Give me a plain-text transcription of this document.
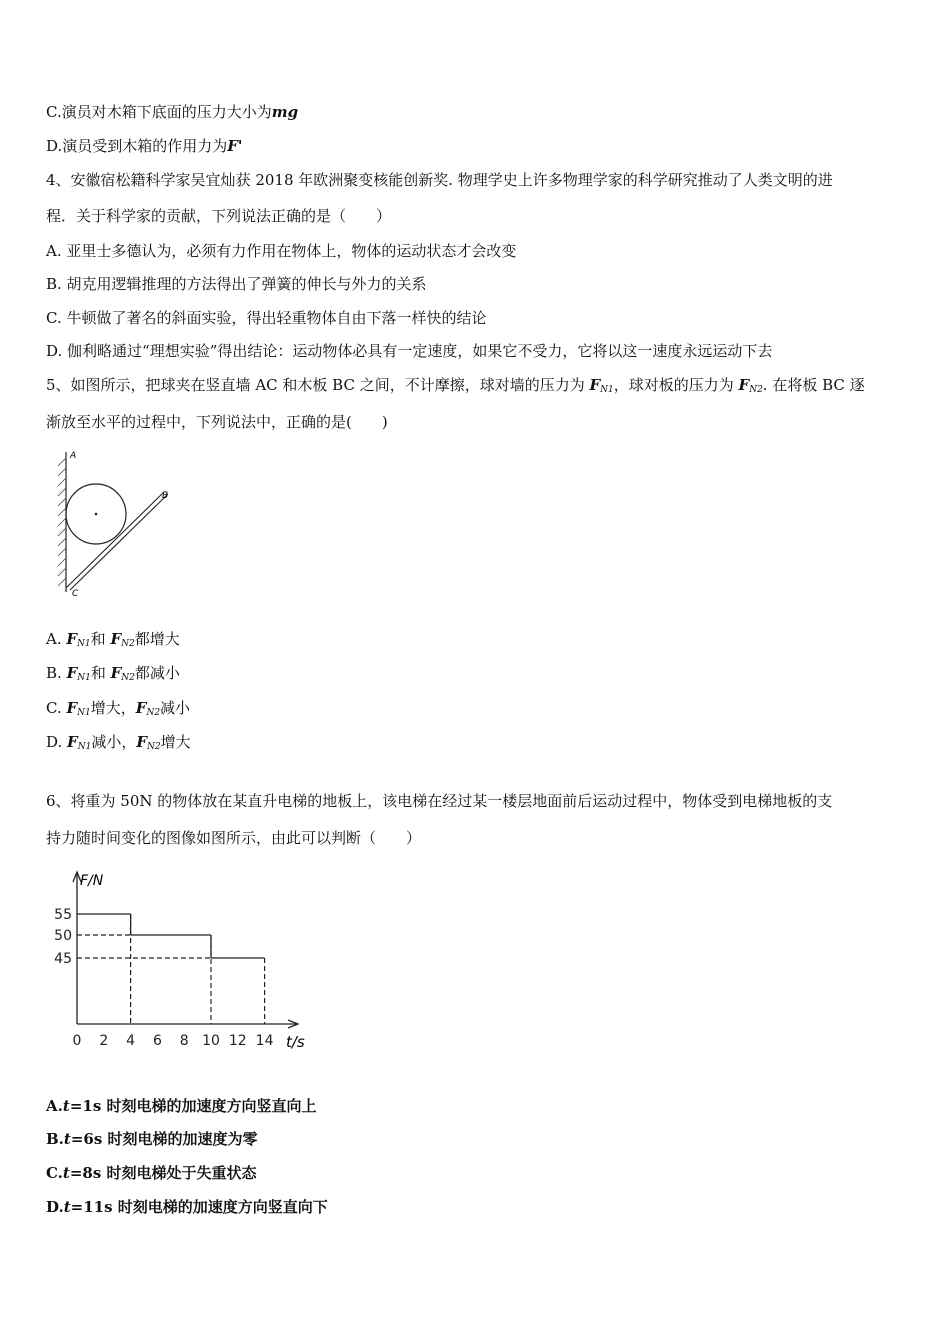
C.演员对木箱下底面的压力大小为mg
D.演员受到木箱的作用力为F'
4、安徽宿松籍科学家吴宜灿获 2018 年欧洲聚变核能创新奖. 物理学史上许多物理学家的科学研究推动了人类文明的进
程．关于科学家的贡献，下列说法正确的是（　　）
A. 亚里士多德认为，必须有力作用在物体上，物体的运动状态才会改变
B. 胡克用逻辑推理的方法得出了弹簧的伸长与外力的关系
C. 牛顿做了著名的斜面实验，得出轻重物体自由下落一样快的结论
D. 伽利略通过“理想实验”得出结论：运动物体必具有一定速度，如果它不受力，它将以这一速度永远运动下去
5、如图所示，把球夹在竖直墙 AC 和木板 BC 之间，不计摩擦，球对墙的压力为 $F_{N1}$，球对板的压力为 $F_{N2}$. 在将板 BC 逐
渐放至水平的过程中，下列说法中，正确的是(　　)
A
B
C
A. $F_{N1}$和 $F_{N2}$都增大
B. $F_{N1}$和 $F_{N2}$都减小
C. $F_{N1}$增大，$F_{N2}$减小
D. $F_{N1}$减小，$F_{N2}$增大
6、将重为 50N 的物体放在某直升电梯的地板上，该电梯在经过某一楼层地面前后运动过程中，物体受到电梯地板的支
持力随时间变化的图像如图所示，由此可以判断（　　）
0 2 4 6 8 10 12 14
55
50
45
F/N
t/s
A.t=1s 时刻电梯的加速度方向竖直向上
B.t=6s 时刻电梯的加速度为零
C.t=8s 时刻电梯处于失重状态
D.t=11s 时刻电梯的加速度方向竖直向下
